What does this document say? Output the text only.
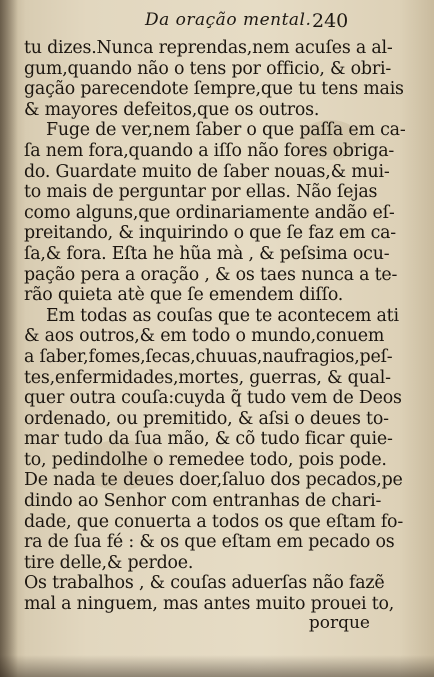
Da oração mental. 240
tu dizes.Nunca reprendas,nem acuſes a al-
gum,quando não o tens por officio, & obri-
gação parecendote ſempre,que tu tens mais
& mayores defeitos,que os outros.
Fuge de ver,nem ſaber o que paſſa em ca-
ſa nem fora,quando a iſſo não fores obriga-
do. Guardate muito de ſaber nouas,& mui-
to mais de perguntar por ellas. Não ſejas
como alguns,que ordinariamente andão eſ-
preitando, & inquirindo o que ſe faz em ca-
ſa,& fora. Eſta he hũa mà , & peſsima ocu-
pação pera a oração , & os taes nunca a te-
rão quieta atè que ſe emendem diſſo.
Em todas as couſas que te acontecem ati
& aos outros,& em todo o mundo,conuem
a ſaber,fomes,ſecas,chuuas,naufragios,peſ-
tes,enfermidades,mortes, guerras, & qual-
quer outra couſa:cuyda q̃ tudo vem de Deos
ordenado, ou premitido, & aſsi o deues to-
mar tudo da ſua mão, & cõ tudo ficar quie-
to, pedindolhe o remedee todo, pois pode.
De nada te deues doer,ſaluo dos pecados,pe
dindo ao Senhor com entranhas de chari-
dade, que conuerta a todos os que eſtam fo-
ra de ſua fé : & os que eſtam em pecado os
tire delle,& perdoe.
Os trabalhos , & couſas aduerſas não fazẽ
mal a ninguem, mas antes muito prouei to,
porque
